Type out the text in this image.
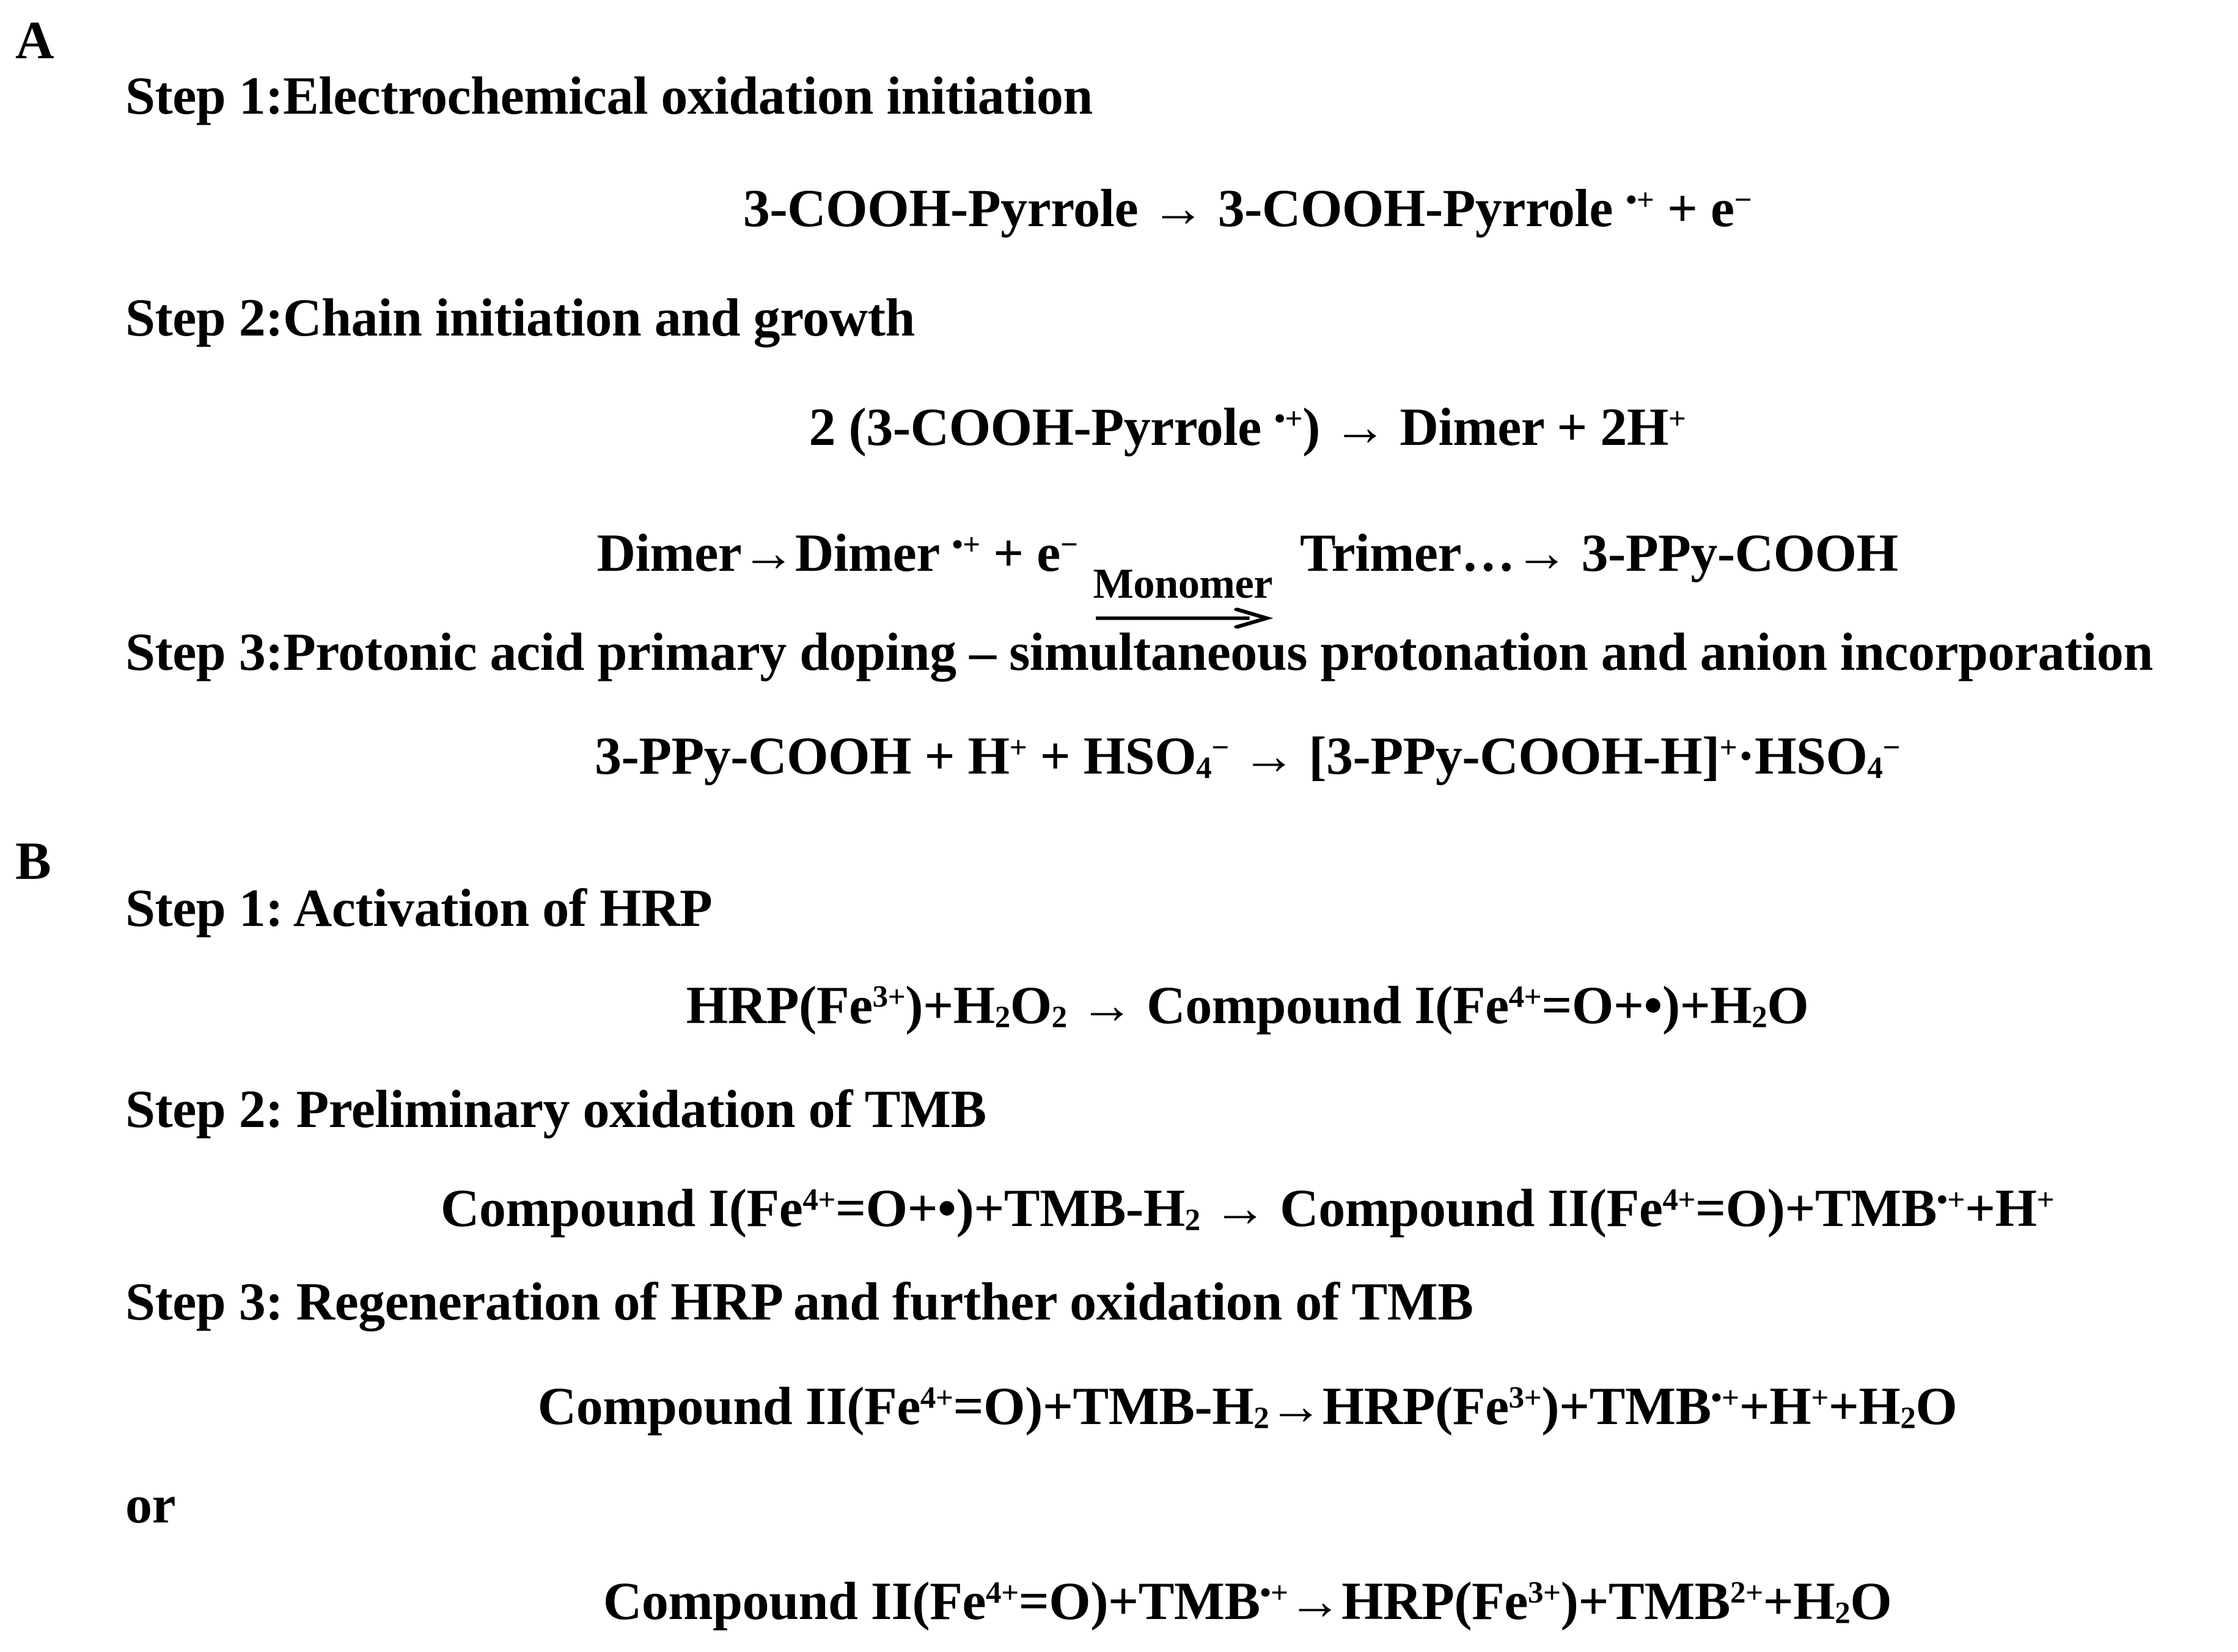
A
Step 1:Electrochemical oxidation initiation
3-COOH-Pyrrole → 3-COOH-Pyrrole •+ + e−
Step 2:Chain initiation and growth
2 (3-COOH-Pyrrole •+) → Dimer + 2H+
Dimer→Dimer •+ + e−
Monomer
Trimer…→ 3-PPy-COOH
Step 3:Protonic acid primary doping – simultaneous protonation and anion incorporation
3-PPy-COOH + H+ + HSO4− → [3-PPy-COOH-H]+·HSO4−
B
Step 1: Activation of HRP
$HRP(Fe^{3+})+H2O2$ → Compound $I(Fe^{4+}=O+•)+H2O$
Step 2: Preliminary oxidation of TMB
Compound $I(Fe^{4+}=O+•)+TMB-H2$ → Compound $II(Fe^{4+}=O)+TMB^{•+}+H^+$
Step 3: Regeneration of HRP and further oxidation of TMB
Compound $II(Fe^{4+}=O)+TMB-H2\to HRP(Fe^{3+})+TMB^{•+}+H^++H2O$
or
Compound $II(Fe^{4+}=O)+TMB^{•+}\to HRP(Fe^{3+})+TMB^{2+}+H2O$
